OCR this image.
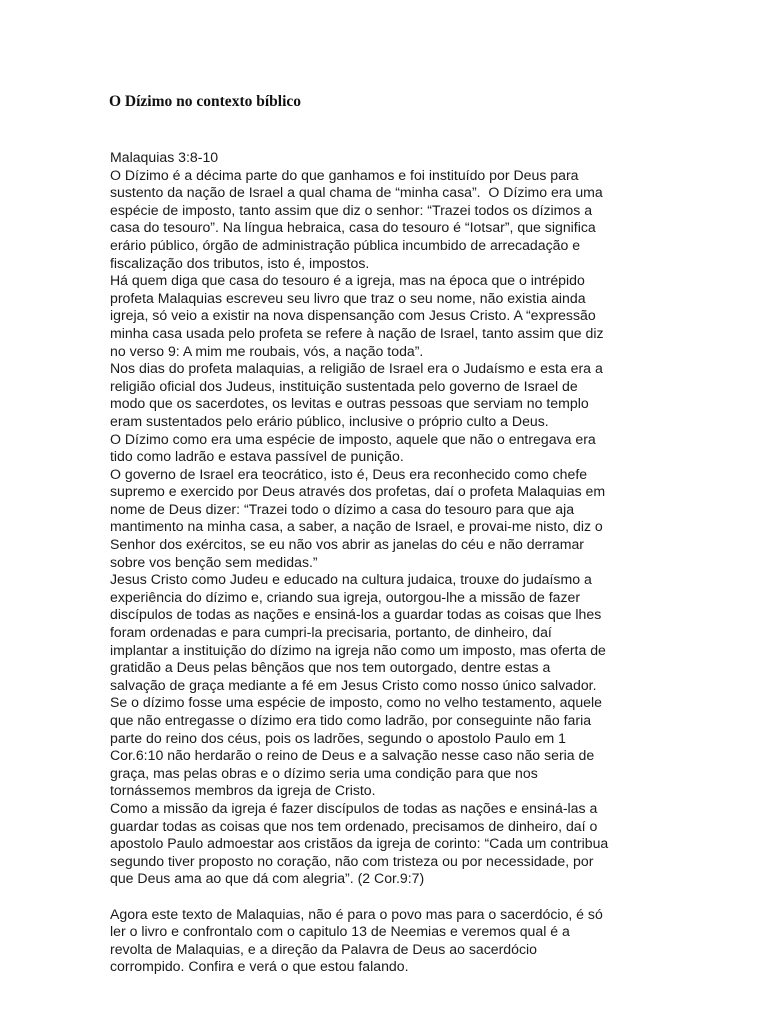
O Dízimo no contexto bíblico
Malaquias 3:8-10
O Dízimo é a décima parte do que ganhamos e foi instituído por Deus para
sustento da nação de Israel a qual chama de “minha casa”.  O Dízimo era uma
espécie de imposto, tanto assim que diz o senhor: “Trazei todos os dízimos a
casa do tesouro”. Na língua hebraica, casa do tesouro é “Iotsar”, que significa
erário público, órgão de administração pública incumbido de arrecadação e
fiscalização dos tributos, isto é, impostos.
Há quem diga que casa do tesouro é a igreja, mas na época que o intrépido
profeta Malaquias escreveu seu livro que traz o seu nome, não existia ainda
igreja, só veio a existir na nova dispensanção com Jesus Cristo. A “expressão
minha casa usada pelo profeta se refere à nação de Israel, tanto assim que diz
no verso 9: A mim me roubais, vós, a nação toda”.
Nos dias do profeta malaquias, a religião de Israel era o Judaísmo e esta era a
religião oficial dos Judeus, instituição sustentada pelo governo de Israel de
modo que os sacerdotes, os levitas e outras pessoas que serviam no templo
eram sustentados pelo erário público, inclusive o próprio culto a Deus.
O Dízimo como era uma espécie de imposto, aquele que não o entregava era
tido como ladrão e estava passível de punição.
O governo de Israel era teocrático, isto é, Deus era reconhecido como chefe
supremo e exercido por Deus através dos profetas, daí o profeta Malaquias em
nome de Deus dizer: “Trazei todo o dízimo a casa do tesouro para que aja
mantimento na minha casa, a saber, a nação de Israel, e provai-me nisto, diz o
Senhor dos exércitos, se eu não vos abrir as janelas do céu e não derramar
sobre vos benção sem medidas.”
Jesus Cristo como Judeu e educado na cultura judaica, trouxe do judaísmo a
experiência do dízimo e, criando sua igreja, outorgou-lhe a missão de fazer
discípulos de todas as nações e ensiná-los a guardar todas as coisas que lhes
foram ordenadas e para cumpri-la precisaria, portanto, de dinheiro, daí
implantar a instituição do dízimo na igreja não como um imposto, mas oferta de
gratidão a Deus pelas bênçãos que nos tem outorgado, dentre estas a
salvação de graça mediante a fé em Jesus Cristo como nosso único salvador.
Se o dízimo fosse uma espécie de imposto, como no velho testamento, aquele
que não entregasse o dízimo era tido como ladrão, por conseguinte não faria
parte do reino dos céus, pois os ladrões, segundo o apostolo Paulo em 1
Cor.6:10 não herdarão o reino de Deus e a salvação nesse caso não seria de
graça, mas pelas obras e o dízimo seria uma condição para que nos
tornássemos membros da igreja de Cristo.
Como a missão da igreja é fazer discípulos de todas as nações e ensiná-las a
guardar todas as coisas que nos tem ordenado, precisamos de dinheiro, daí o
apostolo Paulo admoestar aos cristãos da igreja de corinto: “Cada um contribua
segundo tiver proposto no coração, não com tristeza ou por necessidade, por
que Deus ama ao que dá com alegria”. (2 Cor.9:7)
Agora este texto de Malaquias, não é para o povo mas para o sacerdócio, é só
ler o livro e confrontalo com o capitulo 13 de Neemias e veremos qual é a
revolta de Malaquias, e a direção da Palavra de Deus ao sacerdócio
corrompido. Confira e verá o que estou falando.
